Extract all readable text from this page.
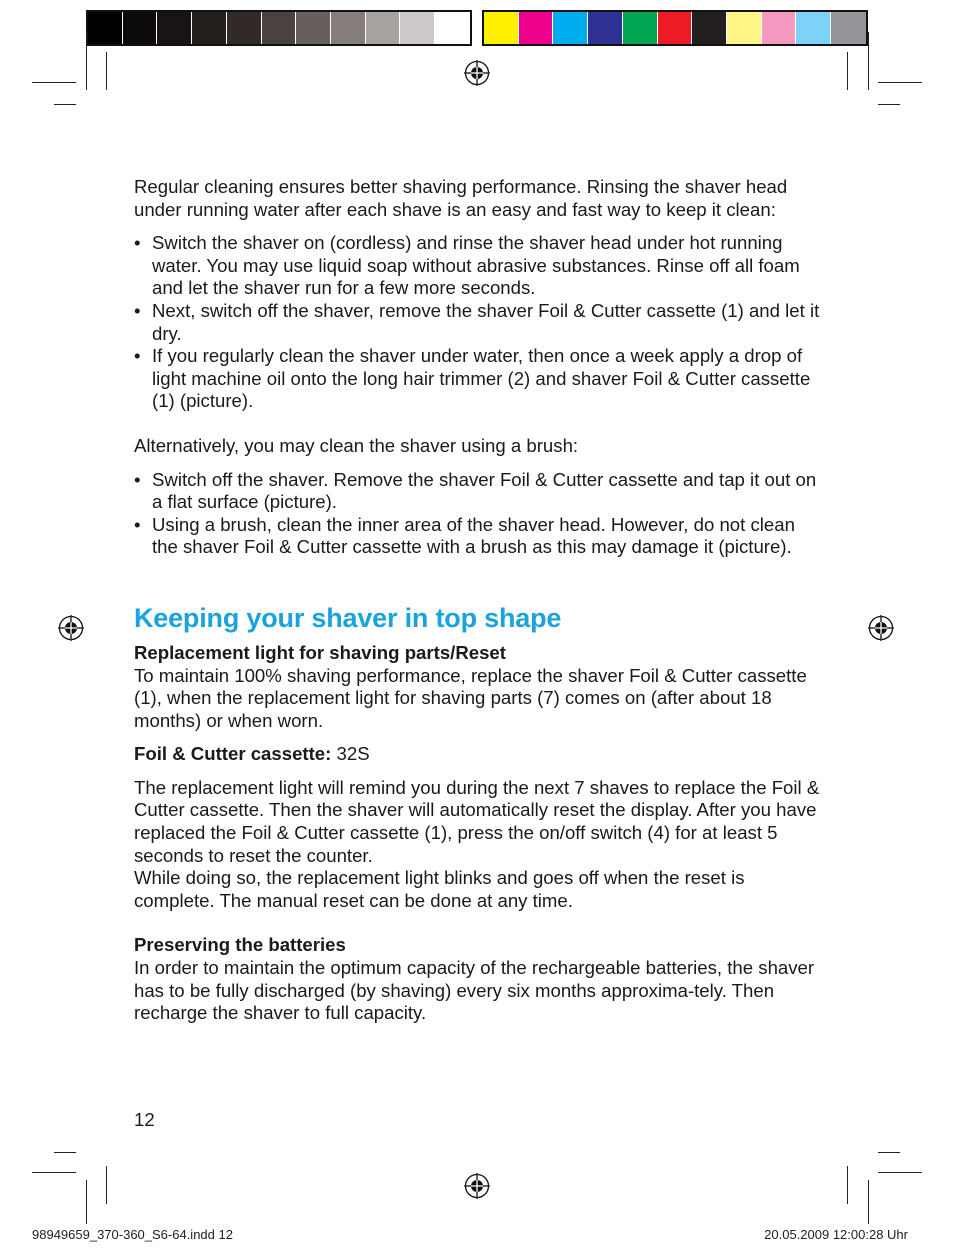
Regular cleaning ensures better shaving performance. Rinsing the shaver head under running water after each shave is an easy and fast way to keep it clean:

• Switch the shaver on (cordless) and rinse the shaver head under hot running water. You may use liquid soap without abrasive substances. Rinse off all foam and let the shaver run for a few more seconds.
• Next, switch off the shaver, remove the shaver Foil & Cutter cassette (1) and let it dry.
• If you regularly clean the shaver under water, then once a week apply a drop of light machine oil onto the long hair trimmer (2) and shaver Foil & Cutter cassette (1) (picture).

Alternatively, you may clean the shaver using a brush:

• Switch off the shaver. Remove the shaver Foil & Cutter cassette and tap it out on a flat surface (picture).
• Using a brush, clean the inner area of the shaver head. However, do not clean the shaver Foil & Cutter cassette with a brush as this may damage it (picture).
Keeping your shaver in top shape

Replacement light for shaving parts/Reset

To maintain 100% shaving performance, replace the shaver Foil & Cutter cassette (1), when the replacement light for shaving parts (7) comes on (after about 18 months) or when worn.

Foil & Cutter cassette: 32S

The replacement light will remind you during the next 7 shaves to replace the Foil & Cutter cassette. Then the shaver will automatically reset the display. After you have replaced the Foil & Cutter cassette (1), press the on/off switch (4) for at least 5 seconds to reset the counter.

While doing so, the replacement light blinks and goes off when the reset is complete. The manual reset can be done at any time.

Preserving the batteries

In order to maintain the optimum capacity of the rechargeable batteries, the shaver has to be fully discharged (by shaving) every six months approxima-tely. Then recharge the shaver to full capacity.

12
98949659_370-360_S6-64.indd 12	20.05.2009 12:00:28 Uhr
